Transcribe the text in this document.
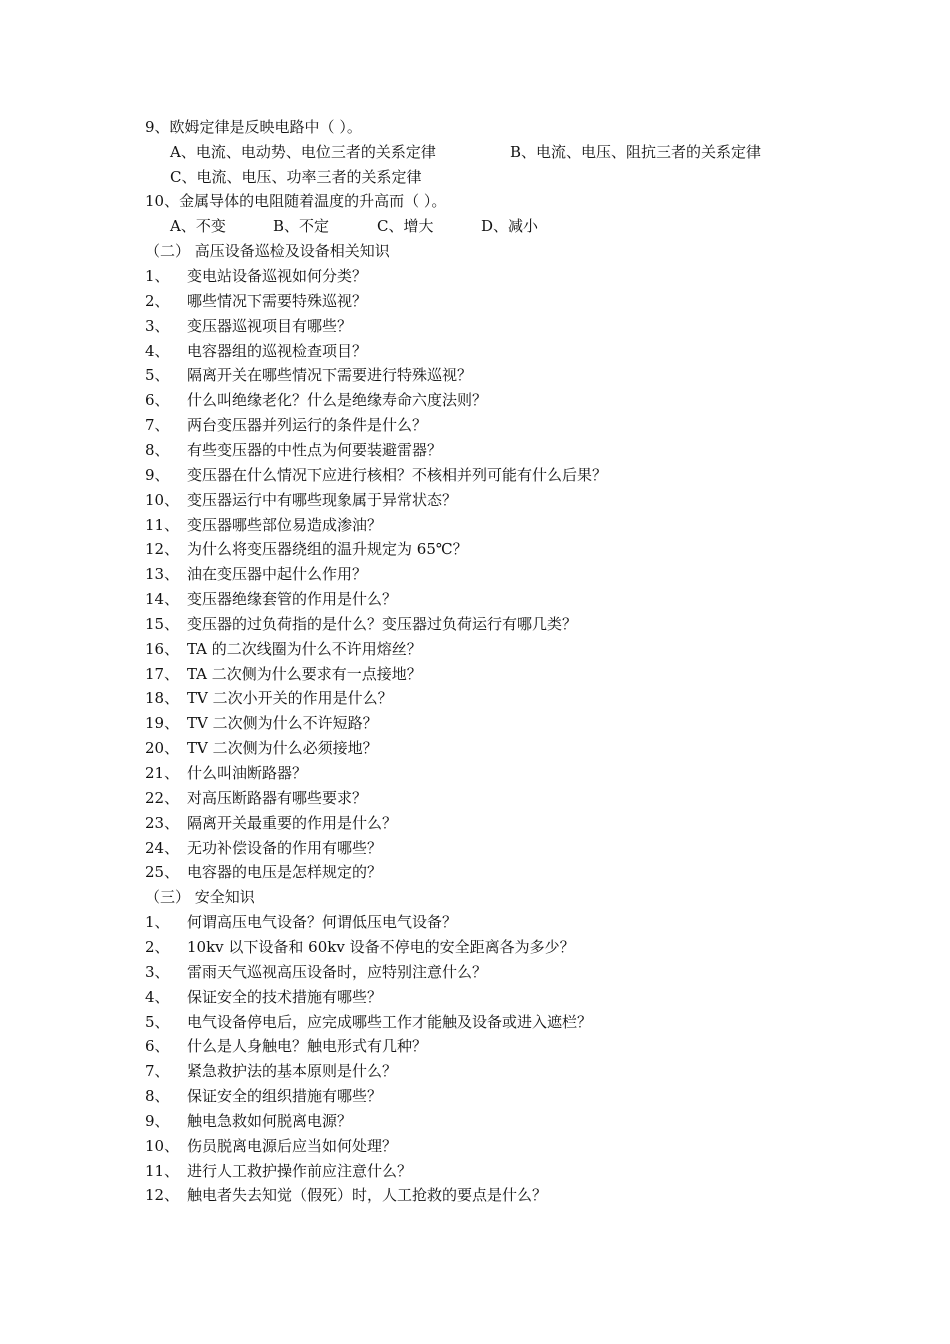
9、欧姆定律是反映电路中（ ）。
A、电流、电动势、电位三者的关系定律	B、电流、电压、阻抗三者的关系定律
C、电流、电压、功率三者的关系定律
10、金属导体的电阻随着温度的升高而（ ）。
A、不变	B、不定	C、增大	D、减小
（二） 高压设备巡检及设备相关知识
1、 变电站设备巡视如何分类？
2、 哪些情况下需要特殊巡视？
3、 变压器巡视项目有哪些？
4、 电容器组的巡视检查项目？
5、 隔离开关在哪些情况下需要进行特殊巡视？
6、 什么叫绝缘老化？什么是绝缘寿命六度法则？
7、 两台变压器并列运行的条件是什么？
8、 有些变压器的中性点为何要装避雷器？
9、 变压器在什么情况下应进行核相？不核相并列可能有什么后果？
10、 变压器运行中有哪些现象属于异常状态？
11、 变压器哪些部位易造成渗油？
12、 为什么将变压器绕组的温升规定为 65℃？
13、 油在变压器中起什么作用？
14、 变压器绝缘套管的作用是什么？
15、 变压器的过负荷指的是什么？变压器过负荷运行有哪几类？
16、 TA 的二次线圈为什么不许用熔丝？
17、 TA 二次侧为什么要求有一点接地？
18、 TV 二次小开关的作用是什么？
19、 TV 二次侧为什么不许短路？
20、 TV 二次侧为什么必须接地？
21、 什么叫油断路器？
22、 对高压断路器有哪些要求？
23、 隔离开关最重要的作用是什么？
24、 无功补偿设备的作用有哪些？
25、 电容器的电压是怎样规定的？
（三） 安全知识
1、 何谓高压电气设备？何谓低压电气设备？
2、 10kv 以下设备和 60kv 设备不停电的安全距离各为多少？
3、 雷雨天气巡视高压设备时，应特别注意什么？
4、 保证安全的技术措施有哪些？
5、 电气设备停电后，应完成哪些工作才能触及设备或进入遮栏？
6、 什么是人身触电？触电形式有几种？
7、 紧急救护法的基本原则是什么？
8、 保证安全的组织措施有哪些？
9、 触电急救如何脱离电源？
10、 伤员脱离电源后应当如何处理？
11、 进行人工救护操作前应注意什么？
12、 触电者失去知觉（假死）时，人工抢救的要点是什么？
